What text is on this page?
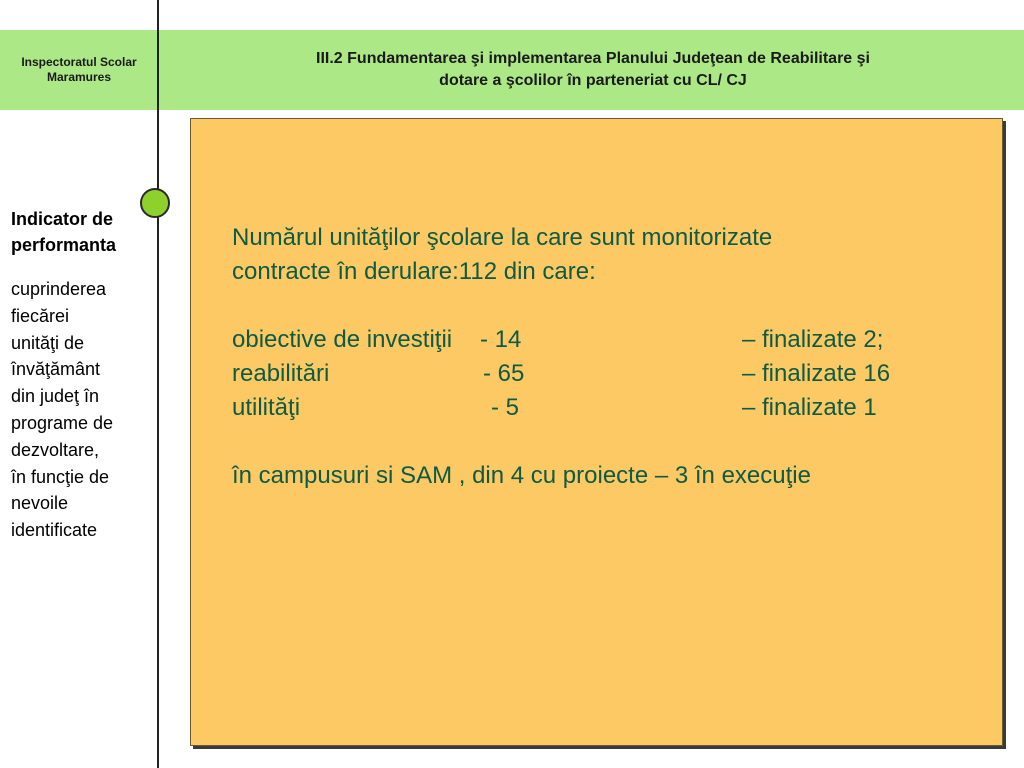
Inspectoratul Scolar
Maramures
III.2 Fundamentarea şi implementarea Planului Judeţean de Reabilitare şi
dotare a şcolilor în parteneriat cu CL/ CJ
Indicator de
performanta
cuprinderea
fiecărei
unităţi de
învăţământ
din judeţ în
programe de
dezvoltare,
în funcţie de
nevoile
identificate
Numărul unităţilor şcolare la care sunt monitorizate
contracte în derulare:112 din care:
obiective de investiţii - 14	– finalizate 2;
reabilitări	- 65	– finalizate 16
utilităţi	- 5	– finalizate 1
în campusuri si SAM , din 4 cu proiecte – 3 în execuţie
